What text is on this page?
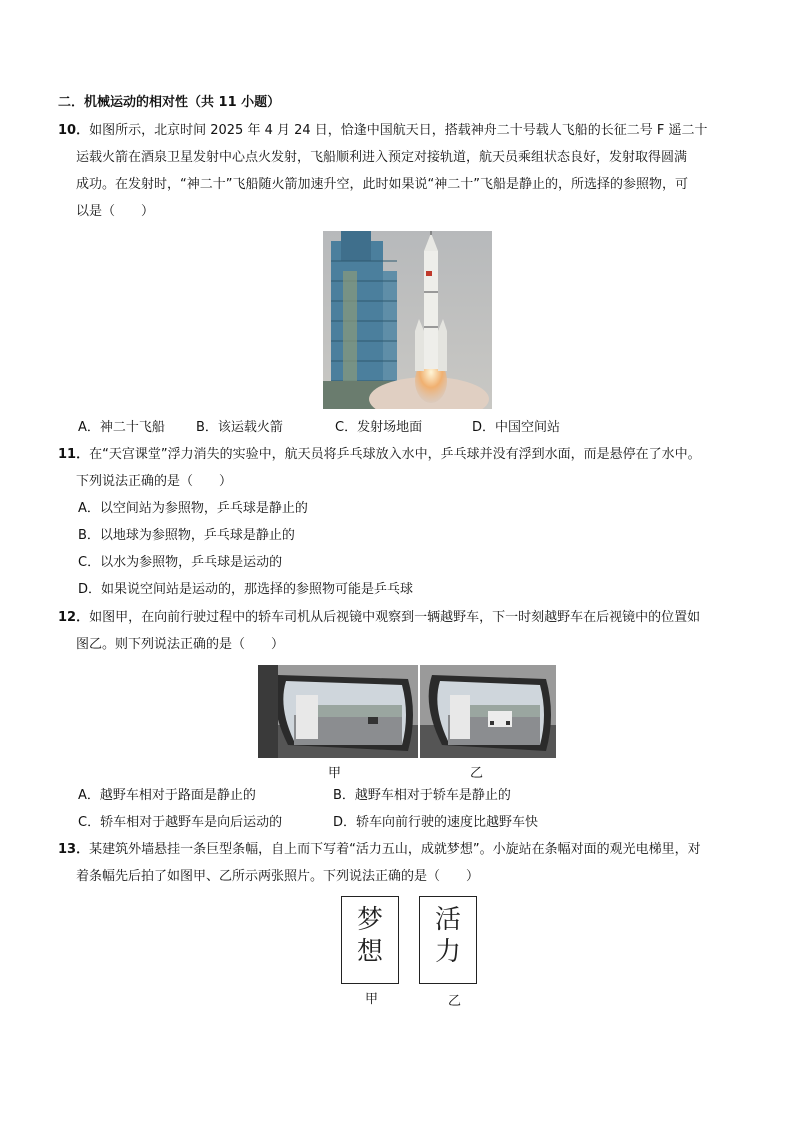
二．机械运动的相对性（共 11 小题）
10．如图所示，北京时间 2025 年 4 月 24 日，恰逢中国航天日，搭载神舟二十号载人飞船的长征二号 F 遥二十
运载火箭在酒泉卫星发射中心点火发射，飞船顺利进入预定对接轨道，航天员乘组状态良好，发射取得圆满
成功。在发射时，“神二十”飞船随火箭加速升空，此时如果说“神二十”飞船是静止的，所选择的参照物，可
以是（　　）
A．神二十飞船 B．该运载火箭	C．发射场地面	D．中国空间站
11．在“天宫课堂”浮力消失的实验中，航天员将乒乓球放入水中，乒乓球并没有浮到水面，而是悬停在了水中。
下列说法正确的是（　　）
A．以空间站为参照物，乒乓球是静止的
B．以地球为参照物，乒乓球是静止的
C．以水为参照物，乒乓球是运动的
D．如果说空间站是运动的，那选择的参照物可能是乒乓球
12．如图甲，在向前行驶过程中的轿车司机从后视镜中观察到一辆越野车，下一时刻越野车在后视镜中的位置如
图乙。则下列说法正确的是（　　）
甲	乙
A．越野车相对于路面是静止的	B．越野车相对于轿车是静止的
C．轿车相对于越野车是向后运动的	D．轿车向前行驶的速度比越野车快
13．某建筑外墙悬挂一条巨型条幅，自上而下写着“活力五山，成就梦想”。小旋站在条幅对面的观光电梯里，对
着条幅先后拍了如图甲、乙所示两张照片。下列说法正确的是（　　）
梦
想
活
力
甲	乙
